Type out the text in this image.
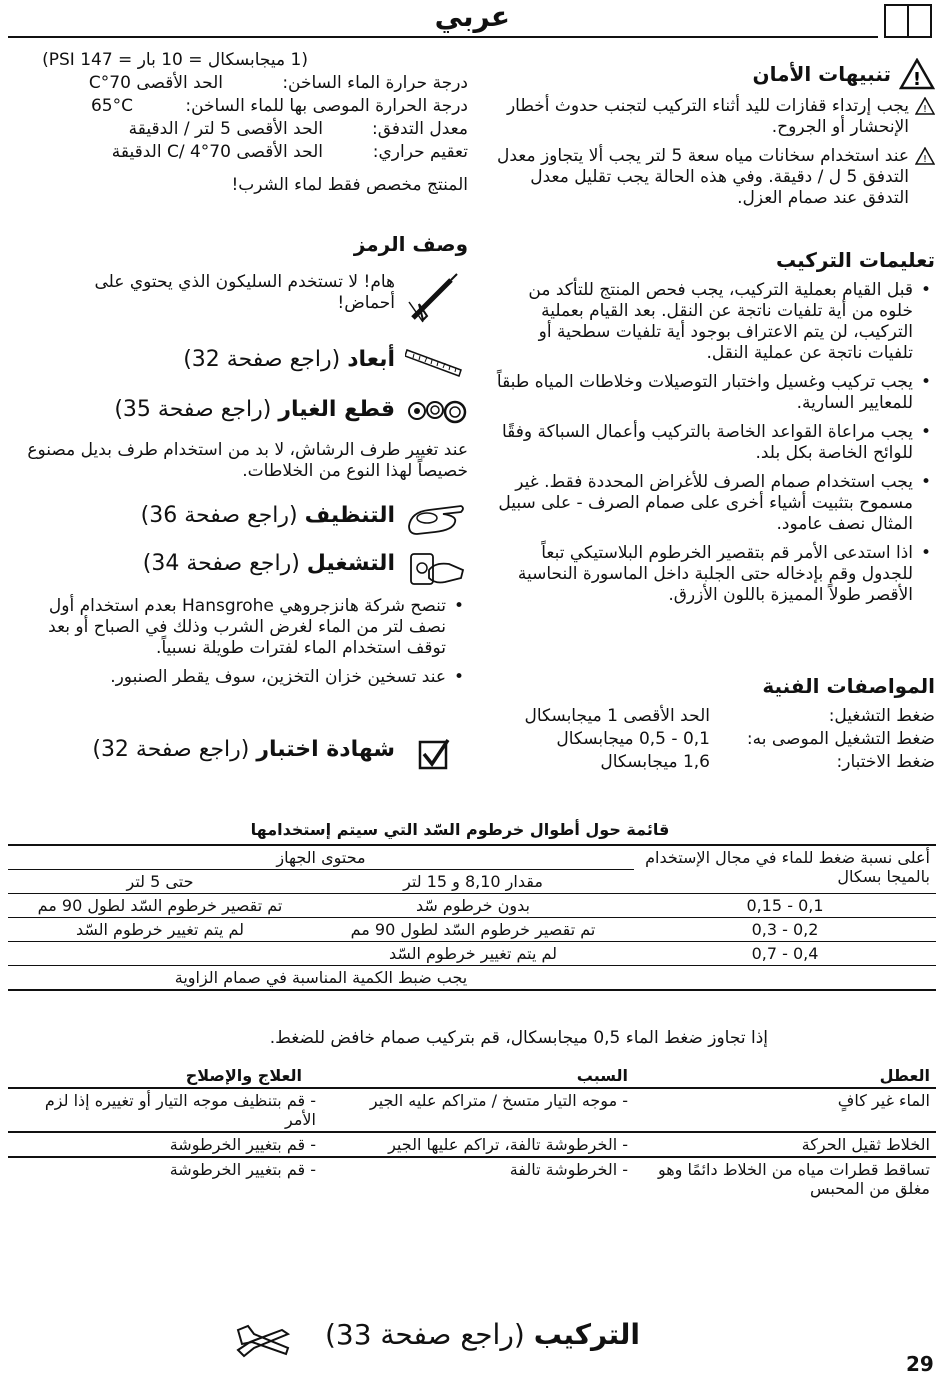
عربي
!
تنبيهات الأمان
!
يجب إرتداء قفازات لليد أثناء التركيب لتجنب حدوث أخطار الإنحشار أو الجروح.
!
عند استخدام سخانات مياه سعة 5 لتر يجب ألا يتجاوز معدل التدفق 5 ل / دقيقة. وفي هذه الحالة يجب تقليل معدل التدفق عند صمام العزل.
تعليمات التركيب
• قبل القيام بعملية التركيب، يجب فحص المنتج للتأكد من خلوه من أية تلفيات ناتجة عن النقل. بعد القيام بعملية التركيب، لن يتم الاعتراف بوجود أية تلفيات سطحية أو تلفيات ناتجة عن عملية النقل.
• يجب تركيب وغسيل واختبار التوصيلات وخلاطات المياه طبقاً للمعايير السارية.
• يجب مراعاة القواعد الخاصة بالتركيب وأعمال السباكة وفقًا للوائح الخاصة بكل بلد.
• يجب استخدام صمام الصرف للأغراض المحددة فقط. غير مسموح بتثبيت أشياء أخرى على صمام الصرف - على سبيل المثال نصف عامود.
• اذا استدعى الأمر قم بتقصير الخرطوم البلاستيكي تبعاً للجدول وقم بإدخاله حتى الجلبة داخل الماسورة النحاسية الأقصر طولاً المميزة باللون الأزرق.
المواصفات الفنية
ضغط التشغيل:
الحد الأقصى 1 ميجابسكال
ضغط التشغيل الموصى به:
0,1 - 0,5 ميجابسكال
ضغط الاختبار:
1,6 ميجابسكال
(1 ميجابسكال = 10 بار = 147 PSI)
درجة حرارة الماء الساخن:
الحد الأقصى 70°C
درجة الحرارة الموصى بها للماء الساخن:
65°C
معدل التدفق:
الحد الأقصى 5 لتر / الدقيقة
تعقيم حراري:
الحد الأقصى 70°C/ 4 الدقيقة
المنتج مخصص فقط لماء الشرب!
وصف الرمز
هام! لا تستخدم السليكون الذي يحتوي على أحماض!
أبعاد (راجع صفحة 32)
قطع الغيار (راجع صفحة 35)
عند تغيير طرف الرشاش، لا بد من استخدام طرف بديل مصنوع خصيصاً لهذا النوع من الخلاطات.
التنظيف (راجع صفحة 36)
التشغيل (راجع صفحة 34)
• تنصح شركة هانزجروهي Hansgrohe بعدم استخدام أول نصف لتر من الماء لغرض الشرب وذلك في الصباح أو بعد توقف استخدام الماء لفترات طويلة نسبياً.
• عند تسخين خزان التخزين، سوف يقطر الصنبور.
شهادة اختبار (راجع صفحة 32)
قائمة حول أطوال خرطوم السّد التي سيتم إستخدامها
أعلى نسبة ضغط للماء في مجال الإستخدام بالميجا بسكال	محتوى الجهاز	
	مقدار 8,10 و 15 لتر	حتى 5 لتر
0,1 - 0,15	بدون خرطوم سّد	تم تقصير خرطوم السّد لطول 90 مم
0,2 - 0,3	تم تقصير خرطوم السّد لطول 90 مم	لم يتم تغيير خرطوم السّد
0,4 - 0,7	لم يتم تغيير خرطوم السّد	
	يجب ضبط الكمية المناسبة في صمام الزاوية	
إذا تجاوز ضغط الماء 0,5 ميجابسكال، قم بتركيب صمام خافض للضغط.
العطل	السبب	العلاج والإصلاح
الماء غير كافٍ	- موجه التيار متسخ / متراكم عليه الجير	- قم بتنظيف موجه التيار أو تغييره إذا لزم الأمر
الخلاط ثقيل الحركة	- الخرطوشة تالفة، تراكم عليها الجير	- قم بتغيير الخرطوشة
تساقط قطرات مياه من الخلاط دائمًا وهو مغلق من المحبس	- الخرطوشة تالفة	- قم بتغيير الخرطوشة
التركيب (راجع صفحة 33)
29
